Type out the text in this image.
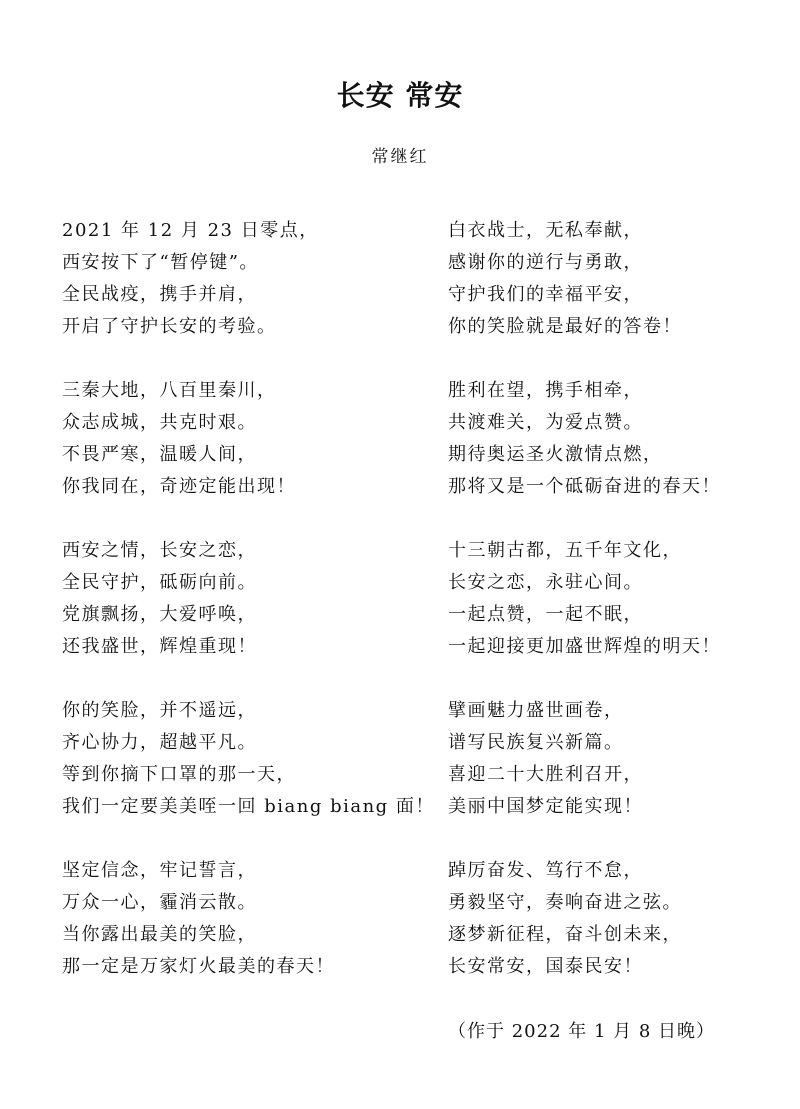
长安 常安
常继红
2021 年 12 月 23 日零点，
西安按下了“暂停键”。
全民战疫，携手并肩，
开启了守护长安的考验。
三秦大地，八百里秦川，
众志成城，共克时艰。
不畏严寒，温暖人间，
你我同在，奇迹定能出现！
西安之情，长安之恋，
全民守护，砥砺向前。
党旗飘扬，大爱呼唤，
还我盛世，辉煌重现！
你的笑脸，并不遥远，
齐心协力，超越平凡。
等到你摘下口罩的那一天，
我们一定要美美咥一回 biang biang 面！
坚定信念，牢记誓言，
万众一心，霾消云散。
当你露出最美的笑脸，
那一定是万家灯火最美的春天！
白衣战士，无私奉献，
感谢你的逆行与勇敢，
守护我们的幸福平安，
你的笑脸就是最好的答卷！
胜利在望，携手相牵，
共渡难关，为爱点赞。
期待奥运圣火激情点燃，
那将又是一个砥砺奋进的春天！
十三朝古都，五千年文化，
长安之恋，永驻心间。
一起点赞，一起不眠，
一起迎接更加盛世辉煌的明天！
擘画魅力盛世画卷，
谱写民族复兴新篇。
喜迎二十大胜利召开，
美丽中国梦定能实现！
踔厉奋发、笃行不怠，
勇毅坚守，奏响奋进之弦。
逐梦新征程，奋斗创未来，
长安常安，国泰民安！
（作于 2022 年 1 月 8 日晚）
